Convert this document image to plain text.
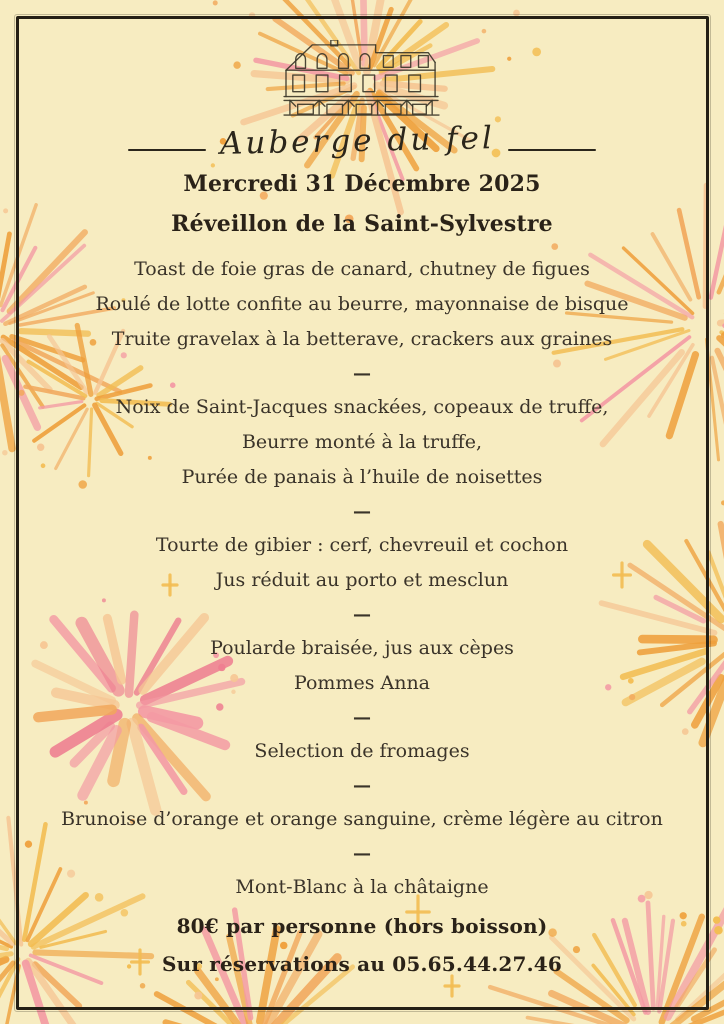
Auberge du fel
Mercredi 31 Décembre 2025
Réveillon de la Saint-Sylvestre
Toast de foie gras de canard, chutney de figues
Roulé de lotte confite au beurre, mayonnaise de bisque
Truite gravelax à la betterave, crackers aux graines
—
Noix de Saint-Jacques snackées, copeaux de truffe,
Beurre monté à la truffe,
Purée de panais à l’huile de noisettes
—
Tourte de gibier : cerf, chevreuil et cochon
Jus réduit au porto et mesclun
—
Poularde braisée, jus aux cèpes
Pommes Anna
—
Selection de fromages
—
Brunoise d’orange et orange sanguine, crème légère au citron
—
Mont-Blanc à la châtaigne
80€ par personne (hors boisson)
Sur réservations au 05.65.44.27.46
